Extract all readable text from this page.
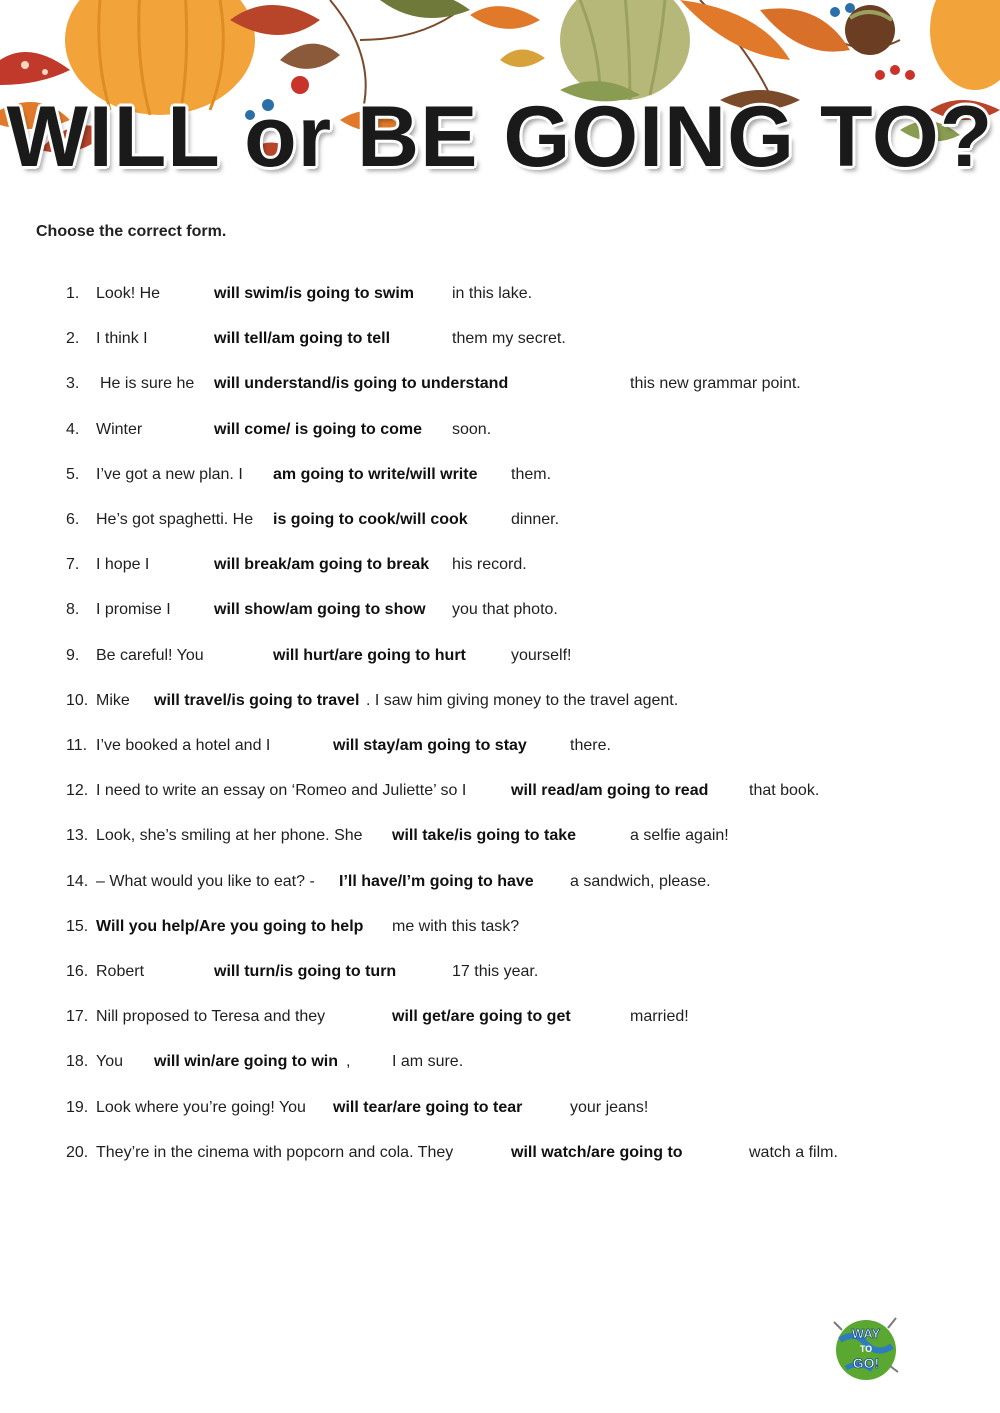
WILL or BE GOING TO?
Choose the correct form.
1. Look! He	will swim/is going to swim in this lake.
2. I think I	will tell/am going to tell	them my secret.
3. He is sure he will understand/is going to understand	this new grammar point.
4. Winter	will come/ is going to come soon.
5. I’ve got a new plan. I am going to write/will write them.
6. He’s got spaghetti. He is going to cook/will cook	dinner.
7. I hope I	will break/am going to break his record.
8. I promise I	will show/am going to show you that photo.
9. Be careful! You	will hurt/are going to hurt	yourself!
10. Mike will travel/is going to travel . I saw him giving money to the travel agent.
11. I’ve booked a hotel and I	will stay/am going to stay	there.
12. I need to write an essay on ‘Romeo and Juliette’ so I	will read/am going to read	that book.
13. Look, she’s smiling at her phone. She will take/is going to take	a selfie again!
14. – What would you like to eat? - I’ll have/I’m going to have a sandwich, please.
15. Will you help/Are you going to help me with this task?
16. Robert	will turn/is going to turn	17 this year.
17. Nill proposed to Teresa and they	will get/are going to get	married!
18. You will win/are going to win ,	I am sure.
19. Look where you’re going! You will tear/are going to tear	your jeans!
20. They’re in the cinema with popcorn and cola. They	will watch/are going to	watch a film.
WAY
TO
GO!
